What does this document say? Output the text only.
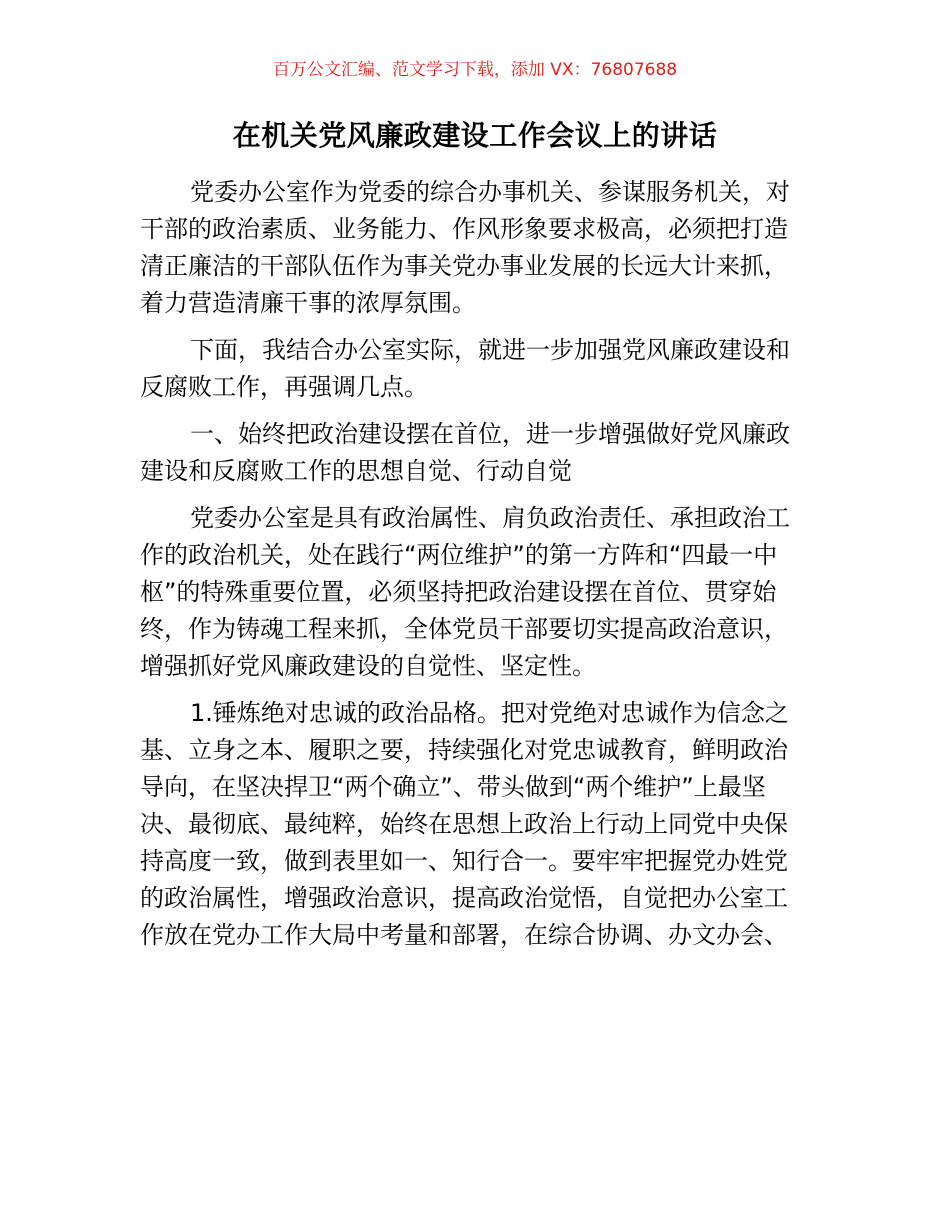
百万公文汇编、范文学习下载，添加 VX：76807688
在机关党风廉政建设工作会议上的讲话
党委办公室作为党委的综合办事机关、参谋服务机关，对
干部的政治素质、业务能力、作风形象要求极高，必须把打造
清正廉洁的干部队伍作为事关党办事业发展的长远大计来抓，
着力营造清廉干事的浓厚氛围。
下面，我结合办公室实际，就进一步加强党风廉政建设和
反腐败工作，再强调几点。
一、始终把政治建设摆在首位，进一步增强做好党风廉政
建设和反腐败工作的思想自觉、行动自觉
党委办公室是具有政治属性、肩负政治责任、承担政治工
作的政治机关，处在践行“两位维护”的第一方阵和“四最一中
枢”的特殊重要位置，必须坚持把政治建设摆在首位、贯穿始
终，作为铸魂工程来抓，全体党员干部要切实提高政治意识，
增强抓好党风廉政建设的自觉性、坚定性。
1.锤炼绝对忠诚的政治品格。把对党绝对忠诚作为信念之
基、立身之本、履职之要，持续强化对党忠诚教育，鲜明政治
导向，在坚决捍卫“两个确立”、带头做到“两个维护”上最坚
决、最彻底、最纯粹，始终在思想上政治上行动上同党中央保
持高度一致，做到表里如一、知行合一。要牢牢把握党办姓党
的政治属性，增强政治意识，提高政治觉悟，自觉把办公室工
作放在党办工作大局中考量和部署，在综合协调、办文办会、
